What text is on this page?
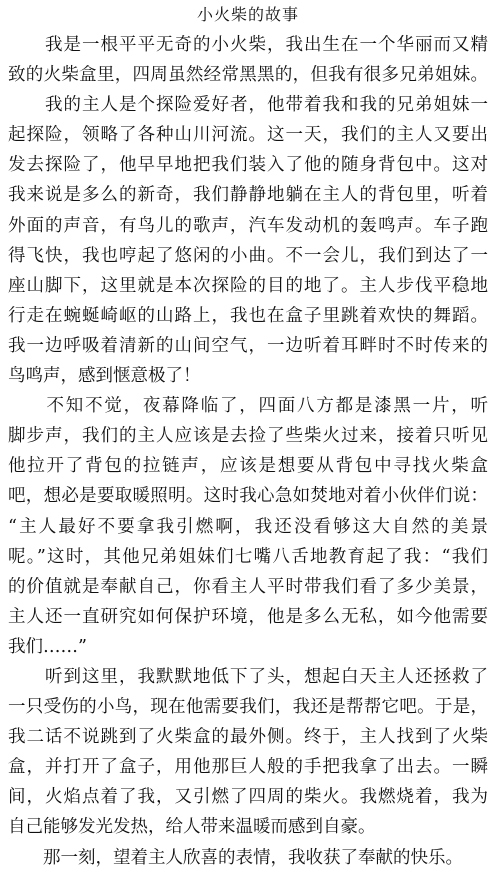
小火柴的故事
　　我是一根平平无奇的小火柴，我出生在一个华丽而又精
致的火柴盒里，四周虽然经常黑黑的，但我有很多兄弟姐妹。
　　我的主人是个探险爱好者，他带着我和我的兄弟姐妹一
起探险，领略了各种山川河流。这一天，我们的主人又要出
发去探险了，他早早地把我们装入了他的随身背包中。这对
我来说是多么的新奇，我们静静地躺在主人的背包里，听着
外面的声音，有鸟儿的歌声，汽车发动机的轰鸣声。车子跑
得飞快，我也哼起了悠闲的小曲。不一会儿，我们到达了一
座山脚下，这里就是本次探险的目的地了。主人步伐平稳地
行走在蜿蜒崎岖的山路上，我也在盒子里跳着欢快的舞蹈。
我一边呼吸着清新的山间空气，一边听着耳畔时不时传来的
鸟鸣声，感到惬意极了！
　　不知不觉，夜幕降临了，四面八方都是漆黑一片，听
脚步声，我们的主人应该是去捡了些柴火过来，接着只听见
他拉开了背包的拉链声，应该是想要从背包中寻找火柴盒
吧，想必是要取暖照明。这时我心急如焚地对着小伙伴们说：
“主人最好不要拿我引燃啊，我还没看够这大自然的美景
呢。”这时，其他兄弟姐妹们七嘴八舌地教育起了我：“我们
的价值就是奉献自己，你看主人平时带我们看了多少美景，
主人还一直研究如何保护环境，他是多么无私，如今他需要
我们……”
　　听到这里，我默默地低下了头，想起白天主人还拯救了
一只受伤的小鸟，现在他需要我们，我还是帮帮它吧。于是，
我二话不说跳到了火柴盒的最外侧。终于，主人找到了火柴
盒，并打开了盒子，用他那巨人般的手把我拿了出去。一瞬
间，火焰点着了我，又引燃了四周的柴火。我燃烧着，我为
自己能够发光发热，给人带来温暖而感到自豪。
　　那一刻，望着主人欣喜的表情，我收获了奉献的快乐。
